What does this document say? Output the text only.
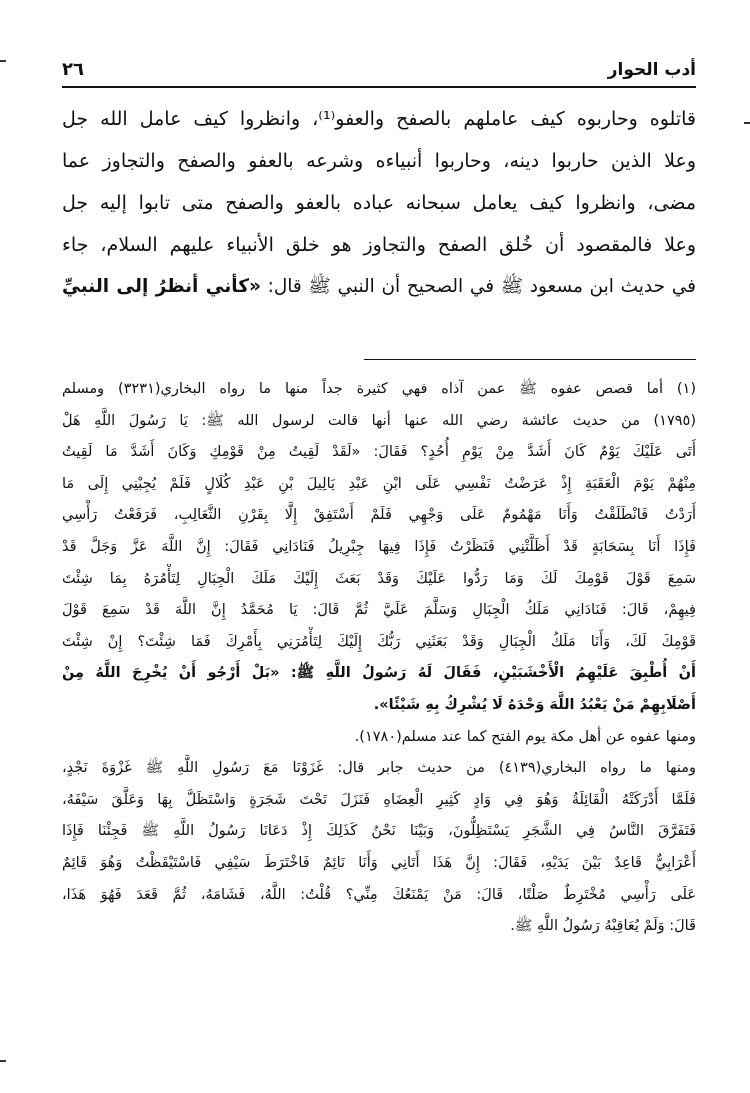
أدب الحوار
٢٦
قاتلوه وحاربوه كيف عاملهم بالصفح والعفو⁽¹⁾، وانظروا كيف عامل الله جل
وعلا الذين حاربوا دينه، وحاربوا أنبياءه وشرعه بالعفو والصفح والتجاوز عما
مضى، وانظروا كيف يعامل سبحانه عباده بالعفو والصفح متى تابوا إليه جل
وعلا فالمقصود أن خُلق الصفح والتجاوز هو خلق الأنبياء عليهم السلام، جاء
في حديث ابن مسعود ﷺ في الصحيح أن النبي ﷺ قال: «كأني أنظرُ إلى النبيِّ
(١) أما قصص عفوه ﷺ عمن آذاه فهي كثيرة جداً منها ما رواه البخاري(٣٢٣١) ومسلم
(١٧٩٥) من حديث عائشة رضي الله عنها أنها قالت لرسول الله ﷺ: يَا رَسُولَ اللَّهِ هَلْ
أَتَى عَلَيْكَ يَوْمٌ كَانَ أَشَدَّ مِنْ يَوْمِ أُحُدٍ؟ فَقَالَ: «لَقَدْ لَقِيتُ مِنْ قَوْمِكِ وَكَانَ أَشَدَّ مَا لَقِيتُ
مِنْهُمْ يَوْمَ الْعَقَبَةِ إِذْ عَرَضْتُ نَفْسِي عَلَى ابْنِ عَبْدِ يَالِيلَ بْنِ عَبْدِ كُلَالٍ فَلَمْ يُجِبْنِي إِلَى مَا
أَرَدْتُ فَانْطَلَقْتُ وَأَنَا مَهْمُومٌ عَلَى وَجْهِي فَلَمْ أَسْتَفِقْ إِلَّا بِقَرْنِ الثَّعَالِبِ، فَرَفَعْتُ رَأْسِي
فَإِذَا أَنَا بِسَحَابَةٍ قَدْ أَظَلَّتْنِي فَنَظَرْتُ فَإِذَا فِيهَا جِبْرِيلُ فَنَادَانِي فَقَالَ: إِنَّ اللَّهَ عَزَّ وَجَلَّ قَدْ
سَمِعَ قَوْلَ قَوْمِكَ لَكَ وَمَا رَدُّوا عَلَيْكَ وَقَدْ بَعَثَ إِلَيْكَ مَلَكَ الْجِبَالِ لِتَأْمُرَهُ بِمَا شِئْتَ
فِيهِمْ، قَالَ: فَنَادَانِي مَلَكُ الْجِبَالِ وَسَلَّمَ عَلَيَّ ثُمَّ قَالَ: يَا مُحَمَّدُ إِنَّ اللَّهَ قَدْ سَمِعَ قَوْلَ
قَوْمِكَ لَكَ، وَأَنَا مَلَكُ الْجِبَالِ وَقَدْ بَعَثَنِي رَبُّكَ إِلَيْكَ لِتَأْمُرَنِي بِأَمْرِكَ فَمَا شِئْتَ؟ إِنْ شِئْتَ
أَنْ أُطْبِقَ عَلَيْهِمُ الْأَخْشَبَيْنِ، فَقَالَ لَهُ رَسُولُ اللَّهِ ﷺ: «بَلْ أَرْجُو أَنْ يُخْرِجَ اللَّهُ مِنْ
أَصْلَابِهِمْ مَنْ يَعْبُدُ اللَّهَ وَحْدَهُ لَا يُشْرِكُ بِهِ شَيْئًا».
ومنها عفوه عن أهل مكة يوم الفتح كما عند مسلم(١٧٨٠).
ومنها ما رواه البخاري(٤١٣٩) من حديث جابر قال: غَزَوْنَا مَعَ رَسُولِ اللَّهِ ﷺ غَزْوَةَ نَجْدٍ،
فَلَمَّا أَدْرَكَتْهُ الْقَائِلَةُ وَهُوَ فِي وَادٍ كَثِيرِ الْعِضَاهِ فَنَزَلَ تَحْتَ شَجَرَةٍ وَاسْتَظَلَّ بِهَا وَعَلَّقَ سَيْفَهُ،
فَتَفَرَّقَ النَّاسُ فِي الشَّجَرِ يَسْتَظِلُّونَ، وَبَيْنَا نَحْنُ كَذَلِكَ إِذْ دَعَانَا رَسُولُ اللَّهِ ﷺ فَجِئْنَا فَإِذَا
أَعْرَابِيٌّ قَاعِدٌ بَيْنَ يَدَيْهِ، فَقَالَ: إِنَّ هَذَا أَتَانِي وَأَنَا نَائِمٌ فَاخْتَرَطَ سَيْفِي فَاسْتَيْقَظْتُ وَهُوَ قَائِمٌ
عَلَى رَأْسِي مُخْتَرِطٌ صَلْتًا، قَالَ: مَنْ يَمْنَعُكَ مِنِّي؟ قُلْتُ: اللَّهُ، فَشَامَهُ، ثُمَّ قَعَدَ فَهُوَ هَذَا،
قَالَ: وَلَمْ يُعَاقِبْهُ رَسُولُ اللَّهِ ﷺ.
